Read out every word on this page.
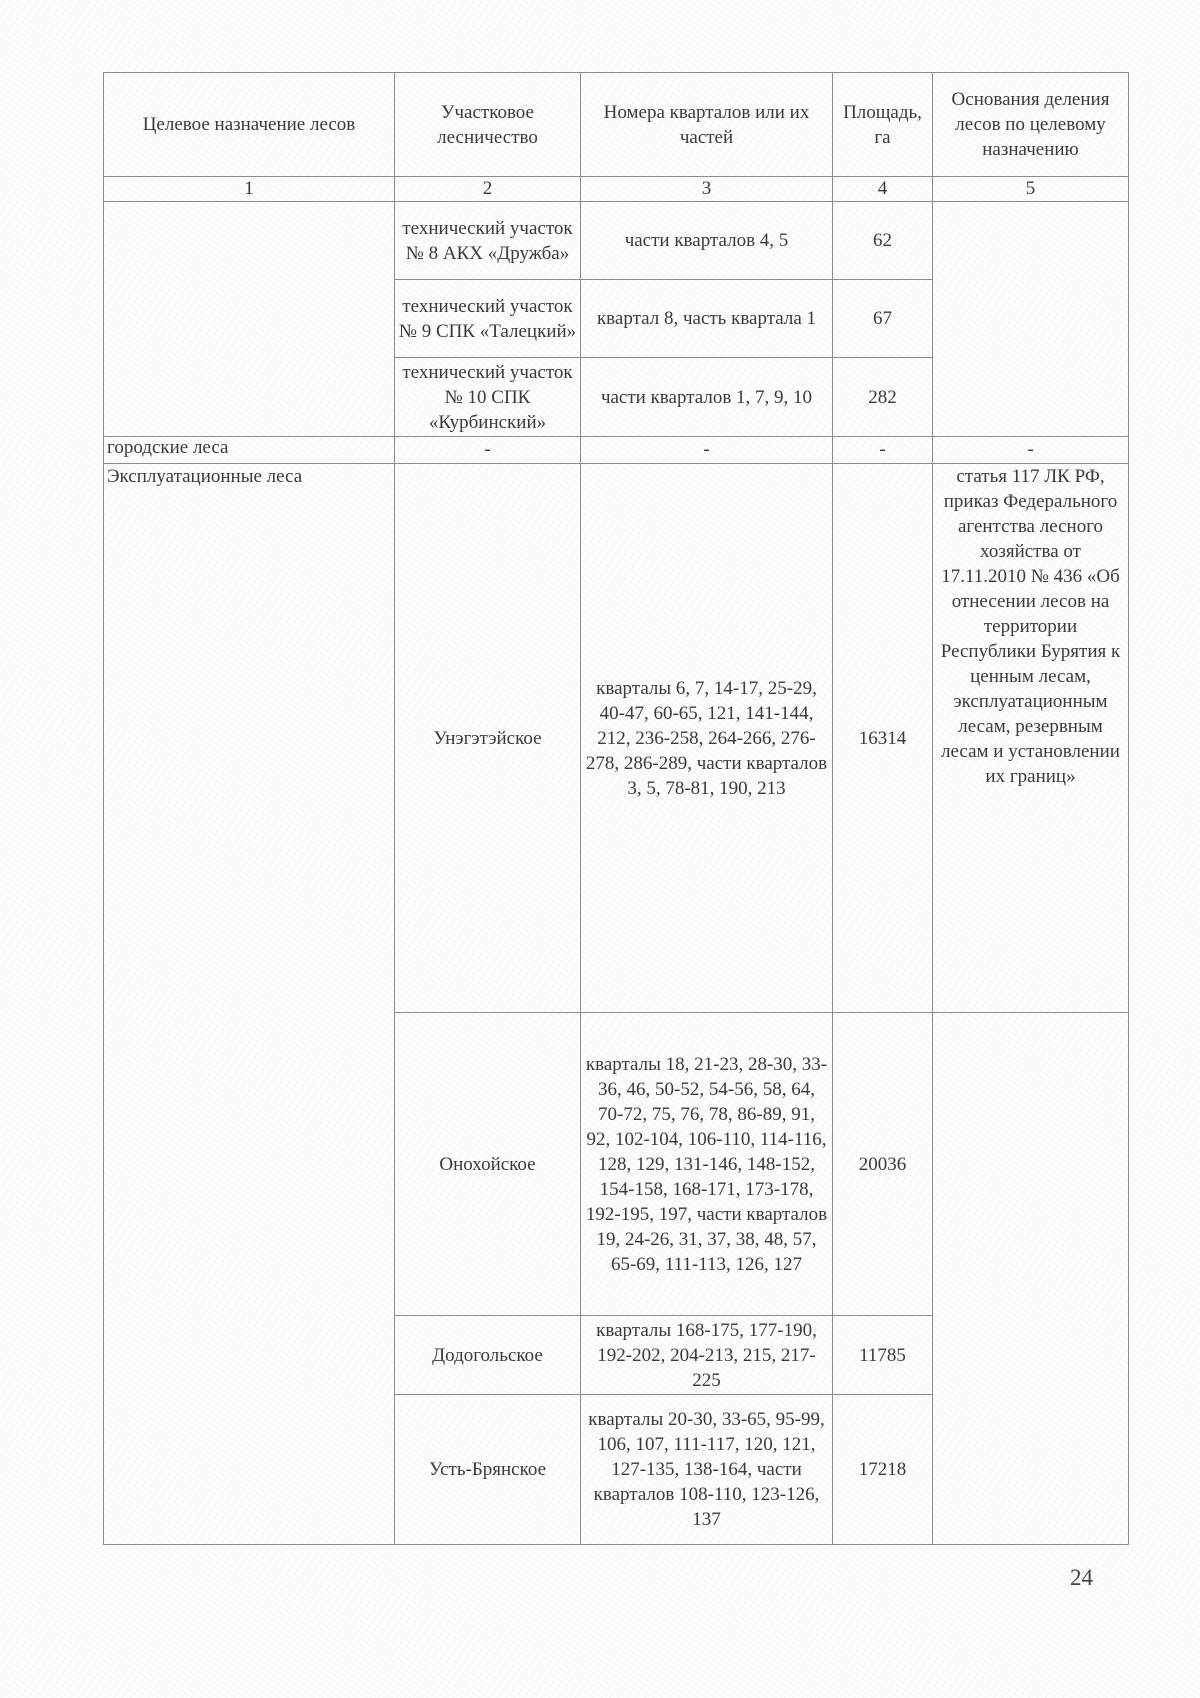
Целевое назначение лесов	Участковое лесничество	Номера кварталов или их частей	Площадь, га	Основания деления лесов по целевому назначению
1	2	3	4	5
	технический участок № 8 АКХ «Дружба»	части кварталов 4, 5	62	
	технический участок № 9 СПК «Талецкий»	квартал 8, часть квартала 1	67	
	технический участок № 10 СПК «Курбинский»	части кварталов 1, 7, 9, 10	282	
городские леса	-	-	-	-
Эксплуатационные леса	Унэгэтэйское	кварталы 6, 7, 14-17, 25-29, 40-47, 60-65, 121, 141-144, 212, 236-258, 264-266, 276-278, 286-289, части кварталов 3, 5, 78-81, 190, 213	16314	статья 117 ЛК РФ, приказ Федерального агентства лесного хозяйства от 17.11.2010 № 436 «Об отнесении лесов на территории Республики Бурятия к ценным лесам, эксплуатационным лесам, резервным лесам и установлении их границ»
	Онохойское	кварталы 18, 21-23, 28-30, 33-36, 46, 50-52, 54-56, 58, 64, 70-72, 75, 76, 78, 86-89, 91, 92, 102-104, 106-110, 114-116, 128, 129, 131-146, 148-152, 154-158, 168-171, 173-178, 192-195, 197, части кварталов 19, 24-26, 31, 37, 38, 48, 57, 65-69, 111-113, 126, 127	20036	
	Додогольское	кварталы 168-175, 177-190, 192-202, 204-213, 215, 217-225	11785	
	Усть-Брянское	кварталы 20-30, 33-65, 95-99, 106, 107, 111-117, 120, 121, 127-135, 138-164, части кварталов 108-110, 123-126, 137	17218	
24
